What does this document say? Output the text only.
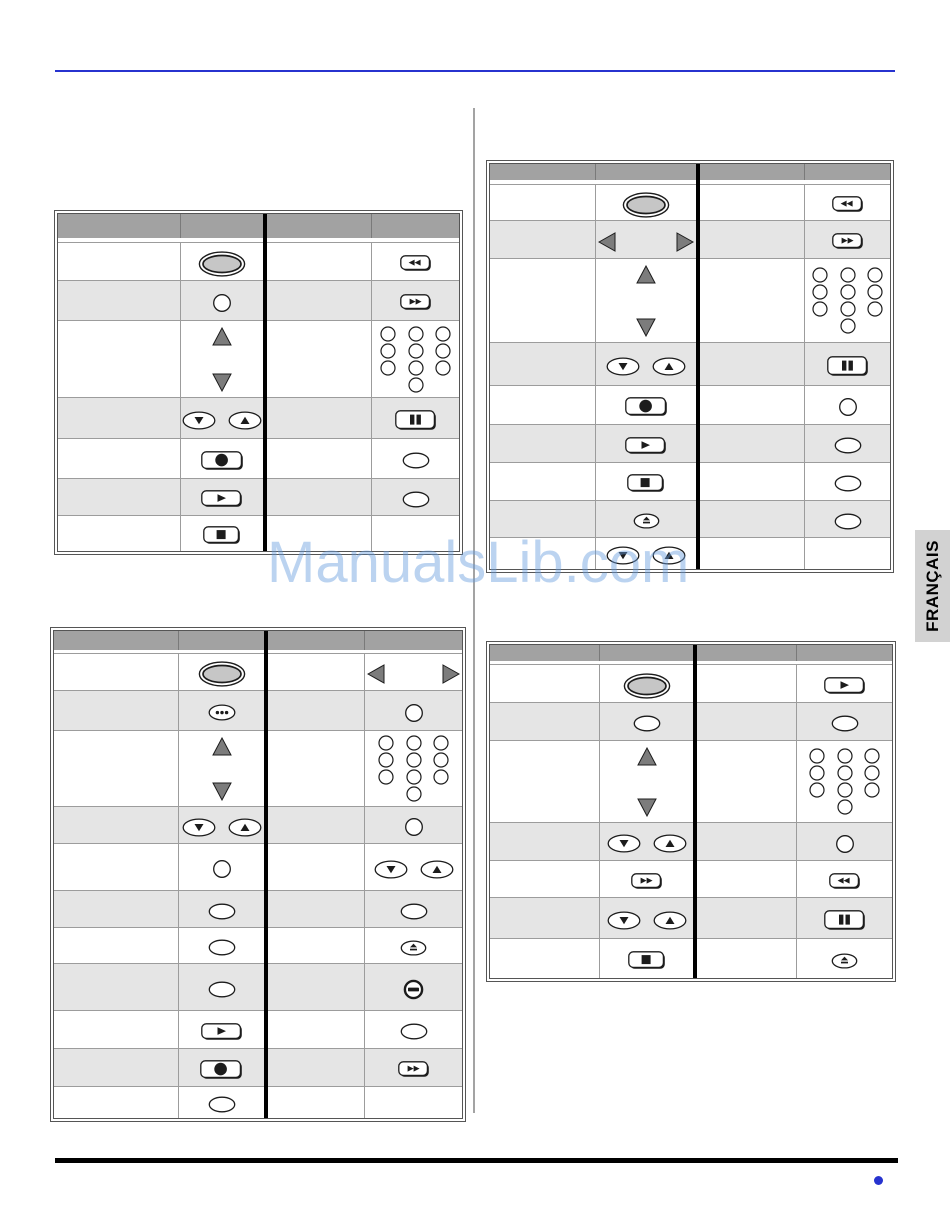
FRANÇAIS
ManualsLib.com
